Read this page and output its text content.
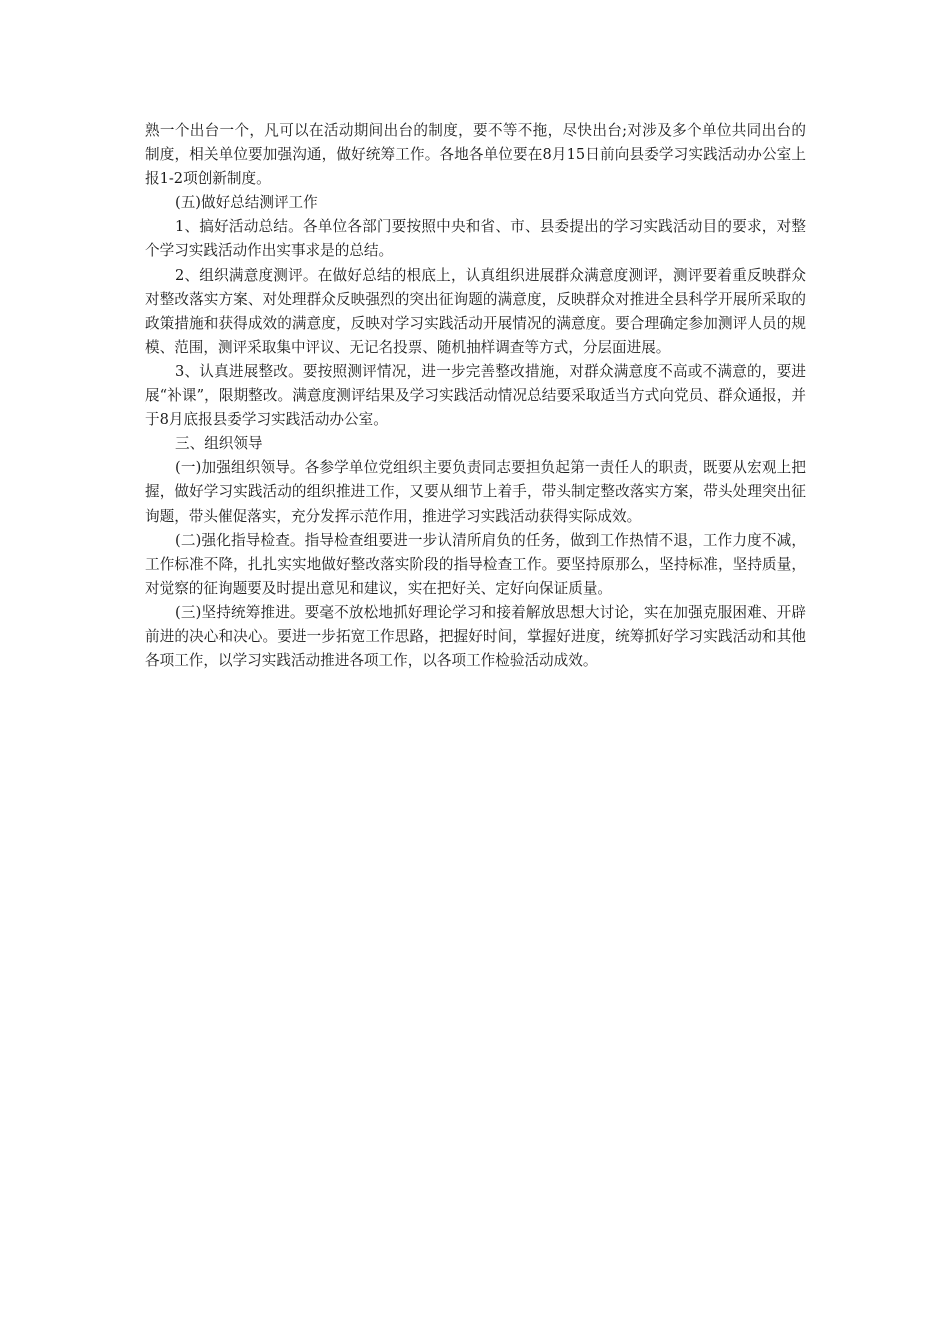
熟一个出台一个，凡可以在活动期间出台的制度，要不等不拖，尽快出台;对涉及多个单位共同出台的制度，相关单位要加强沟通，做好统筹工作。各地各单位要在8月15日前向县委学习实践活动办公室上报1-2项创新制度。

(五)做好总结测评工作

1、搞好活动总结。各单位各部门要按照中央和省、市、县委提出的学习实践活动目的要求，对整个学习实践活动作出实事求是的总结。

2、组织满意度测评。在做好总结的根底上，认真组织进展群众满意度测评，测评要着重反映群众对整改落实方案、对处理群众反映强烈的突出征询题的满意度，反映群众对推进全县科学开展所采取的政策措施和获得成效的满意度，反映对学习实践活动开展情况的满意度。要合理确定参加测评人员的规模、范围，测评采取集中评议、无记名投票、随机抽样调查等方式，分层面进展。

3、认真进展整改。要按照测评情况，进一步完善整改措施，对群众满意度不高或不满意的，要进展“补课”，限期整改。满意度测评结果及学习实践活动情况总结要采取适当方式向党员、群众通报，并于8月底报县委学习实践活动办公室。

三、组织领导

(一)加强组织领导。各参学单位党组织主要负责同志要担负起第一责任人的职责，既要从宏观上把握，做好学习实践活动的组织推进工作，又要从细节上着手，带头制定整改落实方案，带头处理突出征询题，带头催促落实，充分发挥示范作用，推进学习实践活动获得实际成效。

(二)强化指导检查。指导检查组要进一步认清所肩负的任务，做到工作热情不退，工作力度不减，工作标准不降，扎扎实实地做好整改落实阶段的指导检查工作。要坚持原那么，坚持标准，坚持质量，对觉察的征询题要及时提出意见和建议，实在把好关、定好向保证质量。

(三)坚持统筹推进。要毫不放松地抓好理论学习和接着解放思想大讨论，实在加强克服困难、开辟前进的决心和决心。要进一步拓宽工作思路，把握好时间，掌握好进度，统筹抓好学习实践活动和其他各项工作，以学习实践活动推进各项工作，以各项工作检验活动成效。
